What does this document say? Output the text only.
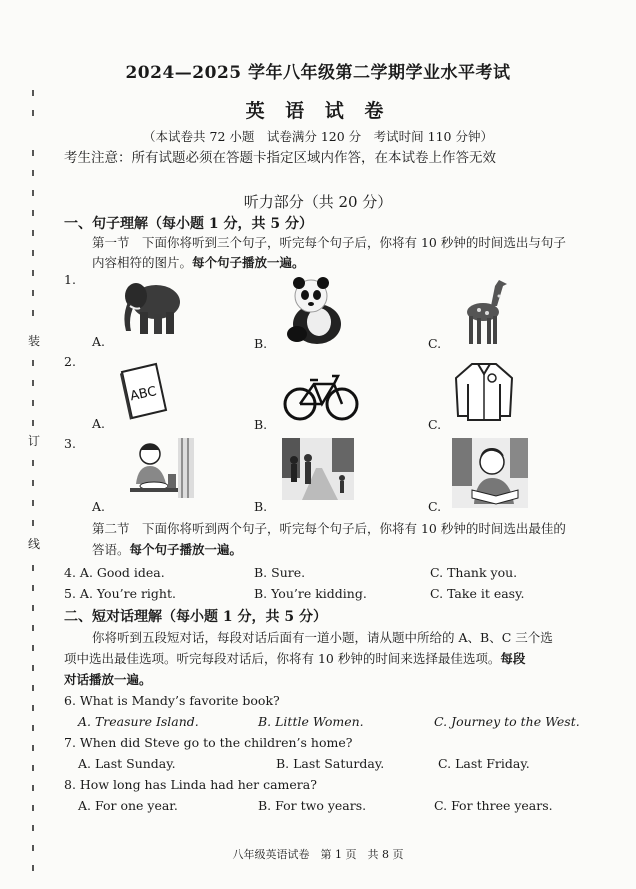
装
订
线
2024—2025 学年八年级第二学期学业水平考试
英 语 试 卷
（本试卷共 72 小题　试卷满分 120 分　考试时间 110 分钟）
考生注意：所有试题必须在答题卡指定区域内作答，在本试卷上作答无效
听力部分（共 20 分）
一、句子理解（每小题 1 分，共 5 分）
第一节　下面你将听到三个句子，听完每个句子后，你将有 10 秒钟的时间选出与句子
内容相符的图片。每个句子播放一遍。
1.
A.	B.	C.
2.
ABC
A.	B.	C.
3.
A.	B.	C.
第二节　下面你将听到两个句子，听完每个句子后，你将有 10 秒钟的时间选出最佳的
答语。每个句子播放一遍。
4. A. Good idea.	B. Sure.	C. Thank you.
5. A. You’re right.	B. You’re kidding.	C. Take it easy.
二、短对话理解（每小题 1 分，共 5 分）
你将听到五段短对话，每段对话后面有一道小题，请从题中所给的 A、B、C 三个选
项中选出最佳选项。听完每段对话后，你将有 10 秒钟的时间来选择最佳选项。每段
对话播放一遍。
6. What is Mandy’s favorite book?
A. Treasure Island.	B. Little Women.	C. Journey to the West.
7. When did Steve go to the children’s home?
A. Last Sunday.	B. Last Saturday.	C. Last Friday.
8. How long has Linda had her camera?
A. For one year.	B. For two years.	C. For three years.
八年级英语试卷　第 1 页　共 8 页
